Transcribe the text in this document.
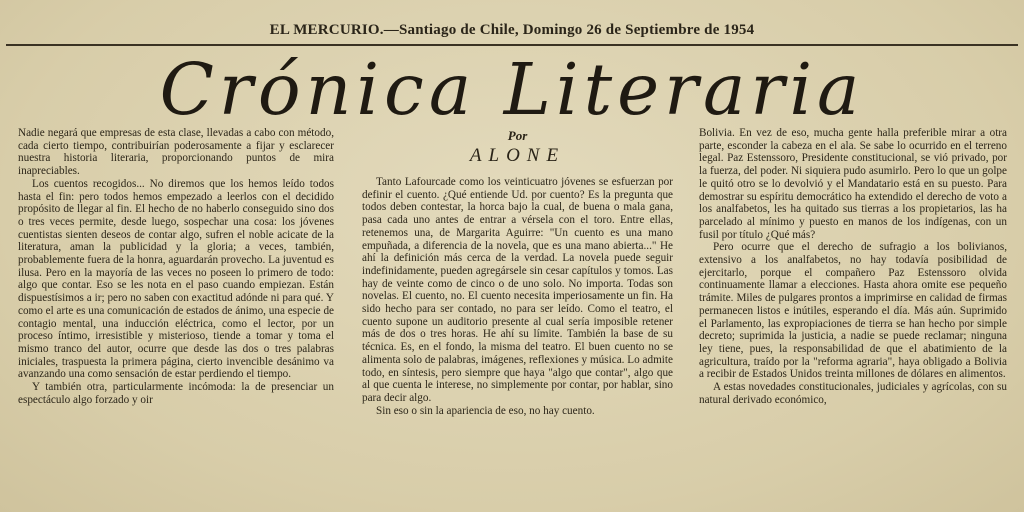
EL MERCURIO.—Santiago de Chile, Domingo 26 de Septiembre de 1954
Crónica Literaria

Nadie negará que empresas de esta clase, llevadas a cabo con método, cada cierto tiempo, contribuirían poderosamente a fijar y esclarecer nuestra historia literaria, proporcionando puntos de mira inapreciables.

Los cuentos recogidos... No diremos que los hemos leído todos hasta el fin: pero todos hemos empezado a leerlos con el decidido propósito de llegar al fin. El hecho de no haberlo conseguido sino dos o tres veces permite, desde luego, sospechar una cosa: los jóvenes cuentistas sienten deseos de contar algo, sufren el noble acicate de la literatura, aman la publicidad y la gloria; a veces, también, probablemente fuera de la honra, aguardarán provecho. La juventud es ilusa. Pero en la mayoría de las veces no poseen lo primero de todo: algo que contar. Eso se les nota en el paso cuando empiezan. Están dispuestísimos a ir; pero no saben con exactitud adónde ni para qué. Y como el arte es una comunicación de estados de ánimo, una especie de contagio mental, una inducción eléctrica, como el lector, por un proceso íntimo, irresistible y misterioso, tiende a tomar y toma el mismo tranco del autor, ocurre que desde las dos o tres palabras iniciales, traspuesta la primera página, cierto invencible desánimo va avanzando una como sensación de estar perdiendo el tiempo.

Y también otra, particularmente incómoda: la de presenciar un espectáculo algo forzado y oir

Por
ALONE

Tanto Lafourcade como los veinticuatro jóvenes se esfuerzan por definir el cuento. ¿Qué entiende Ud. por cuento? Es la pregunta que todos deben contestar, la horca bajo la cual, de buena o mala gana, pasa cada uno antes de entrar a vérsela con el toro. Entre ellas, retenemos una, de Margarita Aguirre: "Un cuento es una mano empuñada, a diferencia de la novela, que es una mano abierta..." He ahí la definición más cerca de la verdad. La novela puede seguir indefinidamente, pueden agregársele sin cesar capítulos y tomos. Las hay de veinte como de cinco o de uno solo. No importa. Todas son novelas. El cuento, no. El cuento necesita imperiosamente un fin. Ha sido hecho para ser contado, no para ser leído. Como el teatro, el cuento supone un auditorio presente al cual sería imposible retener más de dos o tres horas. He ahí su límite. También la base de su técnica. Es, en el fondo, la misma del teatro. El buen cuento no se alimenta solo de palabras, imágenes, reflexiones y música. Lo admite todo, en síntesis, pero siempre que haya "algo que contar", algo que al que cuenta le interese, no simplemente por contar, por hablar, sino para decir algo.

Sin eso o sin la apariencia de eso, no hay cuento.

Bolivia. En vez de eso, mucha gente halla preferible mirar a otra parte, esconder la cabeza en el ala. Se sabe lo ocurrido en el terreno legal. Paz Estenssoro, Presidente constitucional, se vió privado, por la fuerza, del poder. Ni siquiera pudo asumirlo. Pero lo que un golpe le quitó otro se lo devolvió y el Mandatario está en su puesto. Para demostrar su espíritu democrático ha extendido el derecho de voto a los analfabetos, les ha quitado sus tierras a los propietarios, las ha parcelado al mínimo y puesto en manos de los indígenas, con un fusil por título ¿Qué más?

Pero ocurre que el derecho de sufragio a los bolivianos, extensivo a los analfabetos, no hay todavía posibilidad de ejercitarlo, porque el compañero Paz Estenssoro olvida continuamente llamar a elecciones. Hasta ahora omite ese pequeño trámite. Miles de pulgares prontos a imprimirse en calidad de firmas permanecen listos e inútiles, esperando el día. Más aún. Suprimido el Parlamento, las expropiaciones de tierra se han hecho por simple decreto; suprimida la justicia, a nadie se puede reclamar; ninguna ley tiene, pues, la responsabilidad de que el abatimiento de la agricultura, traído por la "reforma agraria", haya obligado a Bolivia a recibir de Estados Unidos treinta millones de dólares en alimentos.

A estas novedades constitucionales, judiciales y agrícolas, con su natural derivado económico,
